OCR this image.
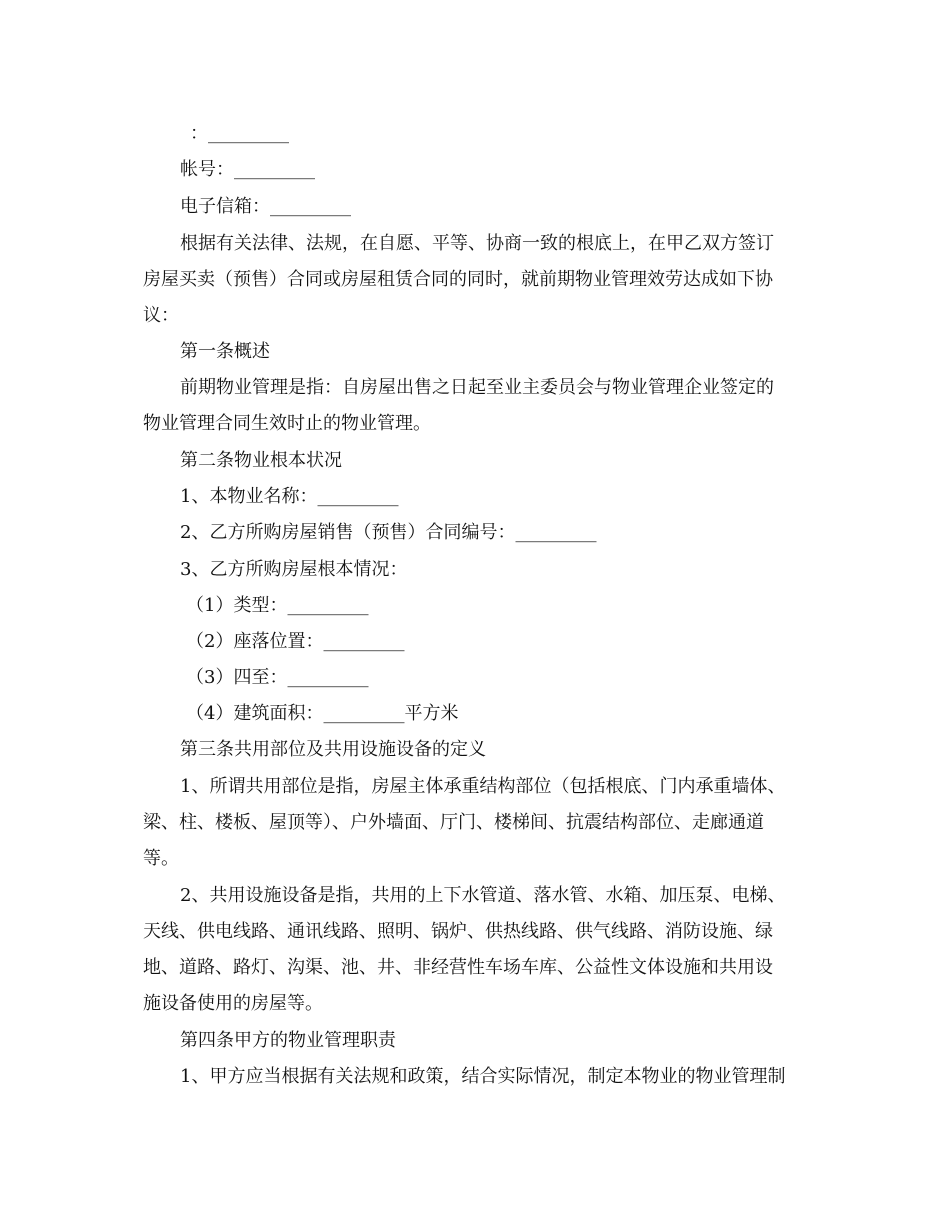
：_________
帐号：_________
电子信箱：_________
根据有关法律、法规，在自愿、平等、协商一致的根底上，在甲乙双方签订
房屋买卖（预售）合同或房屋租赁合同的同时，就前期物业管理效劳达成如下协
议：
第一条概述
前期物业管理是指：自房屋出售之日起至业主委员会与物业管理企业签定的
物业管理合同生效时止的物业管理。
第二条物业根本状况
1、本物业名称：_________
2、乙方所购房屋销售（预售）合同编号：_________
3、乙方所购房屋根本情况：
（1）类型：_________
（2）座落位置：_________
（3）四至：_________
（4）建筑面积：_________平方米
第三条共用部位及共用设施设备的定义
1、所谓共用部位是指，房屋主体承重结构部位（包括根底、门内承重墙体、
梁、柱、楼板、屋顶等）、户外墙面、厅门、楼梯间、抗震结构部位、走廊通道
等。
2、共用设施设备是指，共用的上下水管道、落水管、水箱、加压泵、电梯、
天线、供电线路、通讯线路、照明、锅炉、供热线路、供气线路、消防设施、绿
地、道路、路灯、沟渠、池、井、非经营性车场车库、公益性文体设施和共用设
施设备使用的房屋等。
第四条甲方的物业管理职责
1、甲方应当根据有关法规和政策，结合实际情况，制定本物业的物业管理制
